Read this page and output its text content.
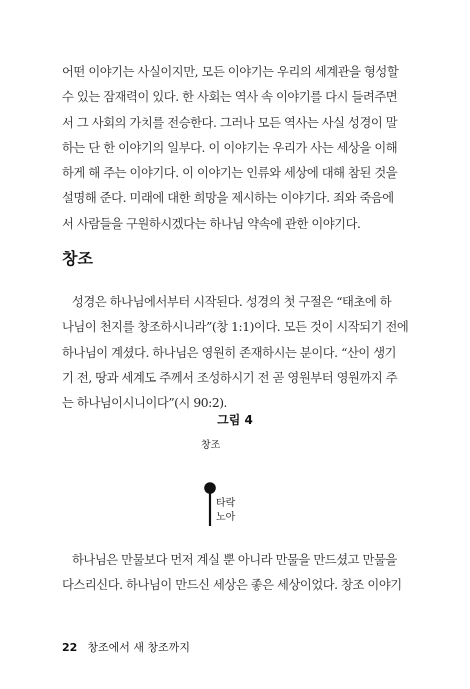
어떤 이야기는 사실이지만, 모든 이야기는 우리의 세계관을 형성할
수 있는 잠재력이 있다. 한 사회는 역사 속 이야기를 다시 들려주면
서 그 사회의 가치를 전승한다. 그러나 모든 역사는 사실 성경이 말
하는 단 한 이야기의 일부다. 이 이야기는 우리가 사는 세상을 이해
하게 해 주는 이야기다. 이 이야기는 인류와 세상에 대해 참된 것을
설명해 준다. 미래에 대한 희망을 제시하는 이야기다. 죄와 죽음에
서 사람들을 구원하시겠다는 하나님 약속에 관한 이야기다.
창조
성경은 하나님에서부터 시작된다. 성경의 첫 구절은 “태초에 하
나님이 천지를 창조하시니라”(창 1:1)이다. 모든 것이 시작되기 전에
하나님이 계셨다. 하나님은 영원히 존재하시는 분이다. “산이 생기
기 전, 땅과 세계도 주께서 조성하시기 전 곧 영원부터 영원까지 주
는 하나님이시니이다”(시 90:2).
그림 4
창조
타락
노아
하나님은 만물보다 먼저 계실 뿐 아니라 만물을 만드셨고 만물을
다스리신다. 하나님이 만드신 세상은 좋은 세상이었다. 창조 이야기
22 창조에서 새 창조까지
